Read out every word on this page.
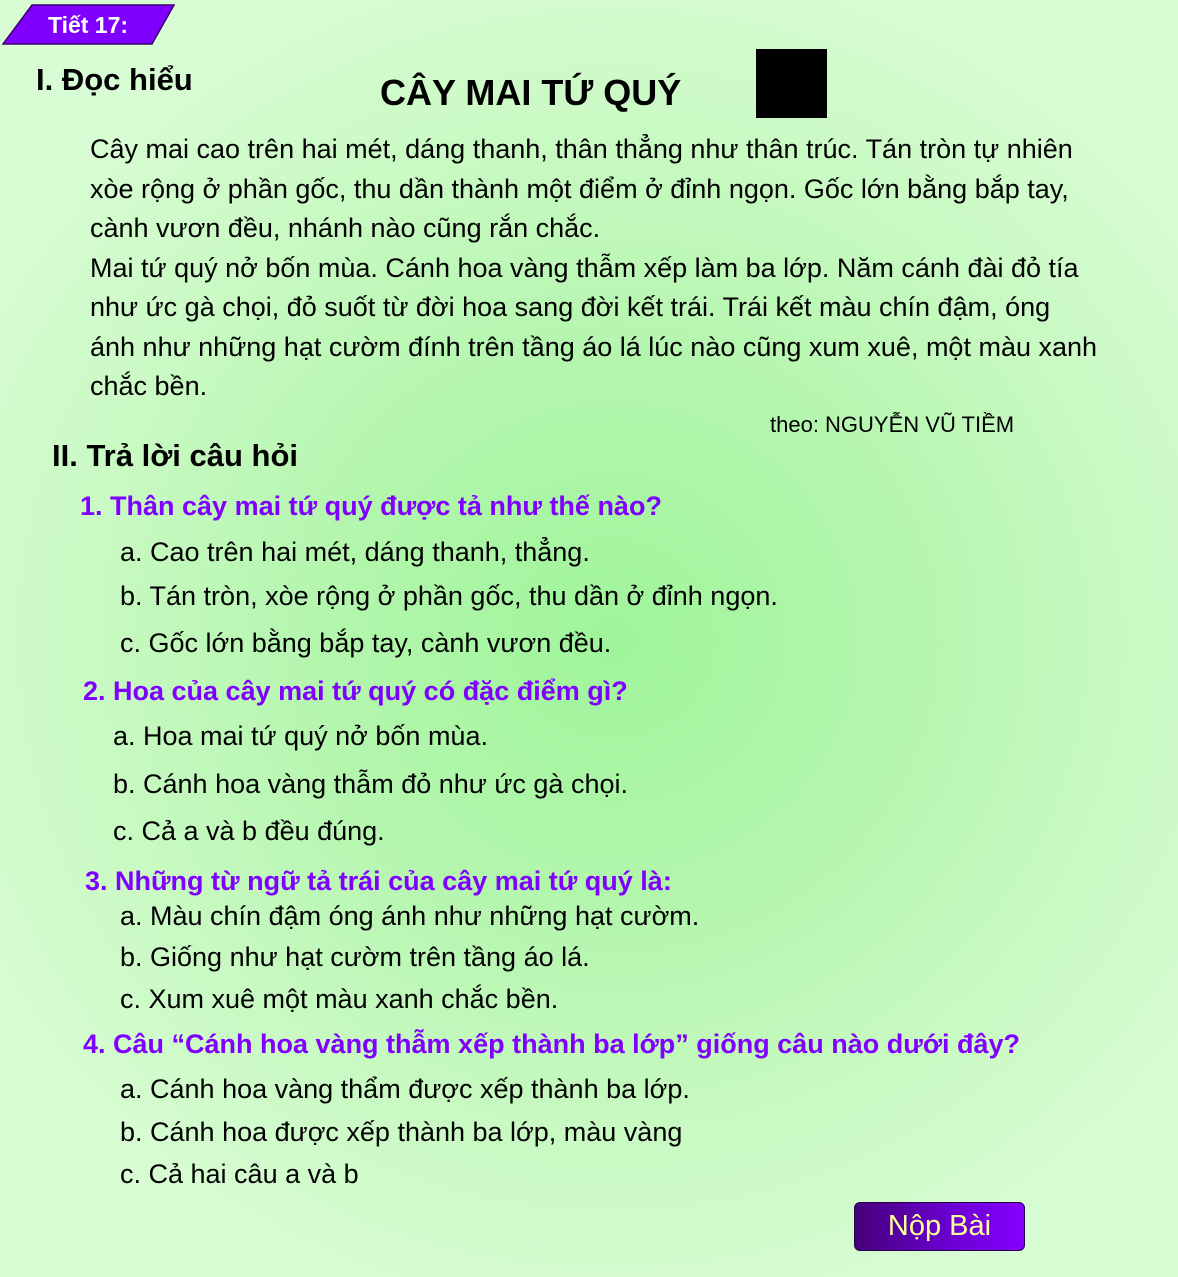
Tiết 17:
I. Đọc hiểu	CÂY MAI TỨ QUÝ

Cây mai cao trên hai mét, dáng thanh, thân thẳng như thân trúc. Tán tròn tự nhiên xòe rộng ở phần gốc, thu dần thành một điểm ở đỉnh ngọn. Gốc lớn bằng bắp tay, cành vươn đều, nhánh nào cũng rắn chắc.

Mai tứ quý nở bốn mùa. Cánh hoa vàng thẫm xếp làm ba lớp. Năm cánh đài đỏ tía như ức gà chọi, đỏ suốt từ đời hoa sang đời kết trái. Trái kết màu chín đậm, óng ánh như những hạt cườm đính trên tầng áo lá lúc nào cũng xum xuê, một màu xanh chắc bền.

theo: NGUYỄN VŨ TIỀM
II. Trả lời câu hỏi
1. Thân cây mai tứ quý được tả như thế nào?
a. Cao trên hai mét, dáng thanh, thẳng.
b. Tán tròn, xòe rộng ở phần gốc, thu dần ở đỉnh ngọn.
c. Gốc lớn bằng bắp tay, cành vươn đều.
2. Hoa của cây mai tứ quý có đặc điểm gì?
a. Hoa mai tứ quý nở bốn mùa.
b. Cánh hoa vàng thẫm đỏ như ức gà chọi.
c. Cả a và b đều đúng.
3. Những từ ngữ tả trái của cây mai tứ quý là:
a. Màu chín đậm óng ánh như những hạt cườm.
b. Giống như hạt cườm trên tầng áo lá.
c. Xum xuê một màu xanh chắc bền.
4. Câu “Cánh hoa vàng thẫm xếp thành ba lớp” giống câu nào dưới đây?
a. Cánh hoa vàng thẩm được xếp thành ba lớp.
b. Cánh hoa được xếp thành ba lớp, màu vàng
c. Cả hai câu a và b
Nộp Bài
